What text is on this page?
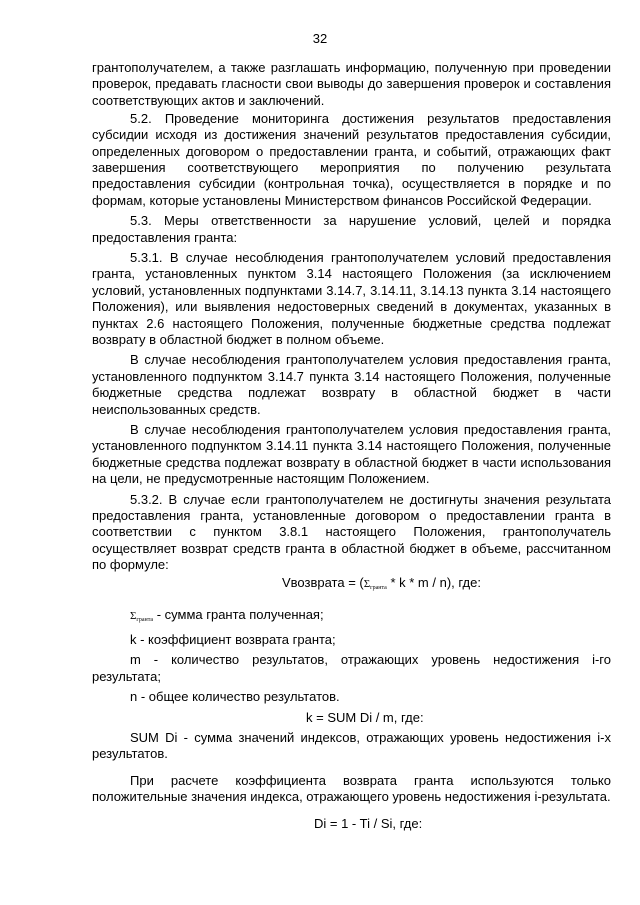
32

грантополучателем, а также разглашать информацию, полученную при проведении проверок, предавать гласности свои выводы до завершения проверок и составления соответствующих актов и заключений.

5.2. Проведение мониторинга достижения результатов предоставления субсидии исходя из достижения значений результатов предоставления субсидии, определенных договором о предоставлении гранта, и событий, отражающих факт завершения соответствующего мероприятия по получению результата предоставления субсидии (контрольная точка), осуществляется в порядке и по формам, которые установлены Министерством финансов Российской Федерации.

5.3. Меры ответственности за нарушение условий, целей и порядка предоставления гранта:

5.3.1. В случае несоблюдения грантополучателем условий предоставления гранта, установленных пунктом 3.14 настоящего Положения (за исключением условий, установленных подпунктами 3.14.7, 3.14.11, 3.14.13 пункта 3.14 настоящего Положения), или выявления недостоверных сведений в документах, указанных в пунктах 2.6 настоящего Положения, полученные бюджетные средства подлежат возврату в областной бюджет в полном объеме.

В случае несоблюдения грантополучателем условия предоставления гранта, установленного подпунктом 3.14.7 пункта 3.14 настоящего Положения, полученные бюджетные средства подлежат возврату в областной бюджет в части неиспользованных средств.

В случае несоблюдения грантополучателем условия предоставления гранта, установленного подпунктом 3.14.11 пункта 3.14 настоящего Положения, полученные бюджетные средства подлежат возврату в областной бюджет в части использования на цели, не предусмотренные настоящим Положением.

5.3.2. В случае если грантополучателем не достигнуты значения результата предоставления гранта, установленные договором о предоставлении гранта в соответствии с пунктом 3.8.1 настоящего Положения, грантополучатель осуществляет возврат средств гранта в областной бюджет в объеме, рассчитанном по формуле:

Vвозврата = ($\Sigma_{гранта}$ * k * m / n), где:

$\Sigma_{гранта}$ - сумма гранта полученная;

k - коэффициент возврата гранта;

m - количество результатов, отражающих уровень недостижения i-го результата;

n - общее количество результатов.

k = SUM Di / m, где:

SUM Di - сумма значений индексов, отражающих уровень недостижения i-х результатов.

При расчете коэффициента возврата гранта используются только положительные значения индекса, отражающего уровень недостижения i-результата.

Di = 1 - Ti / Si, где:
